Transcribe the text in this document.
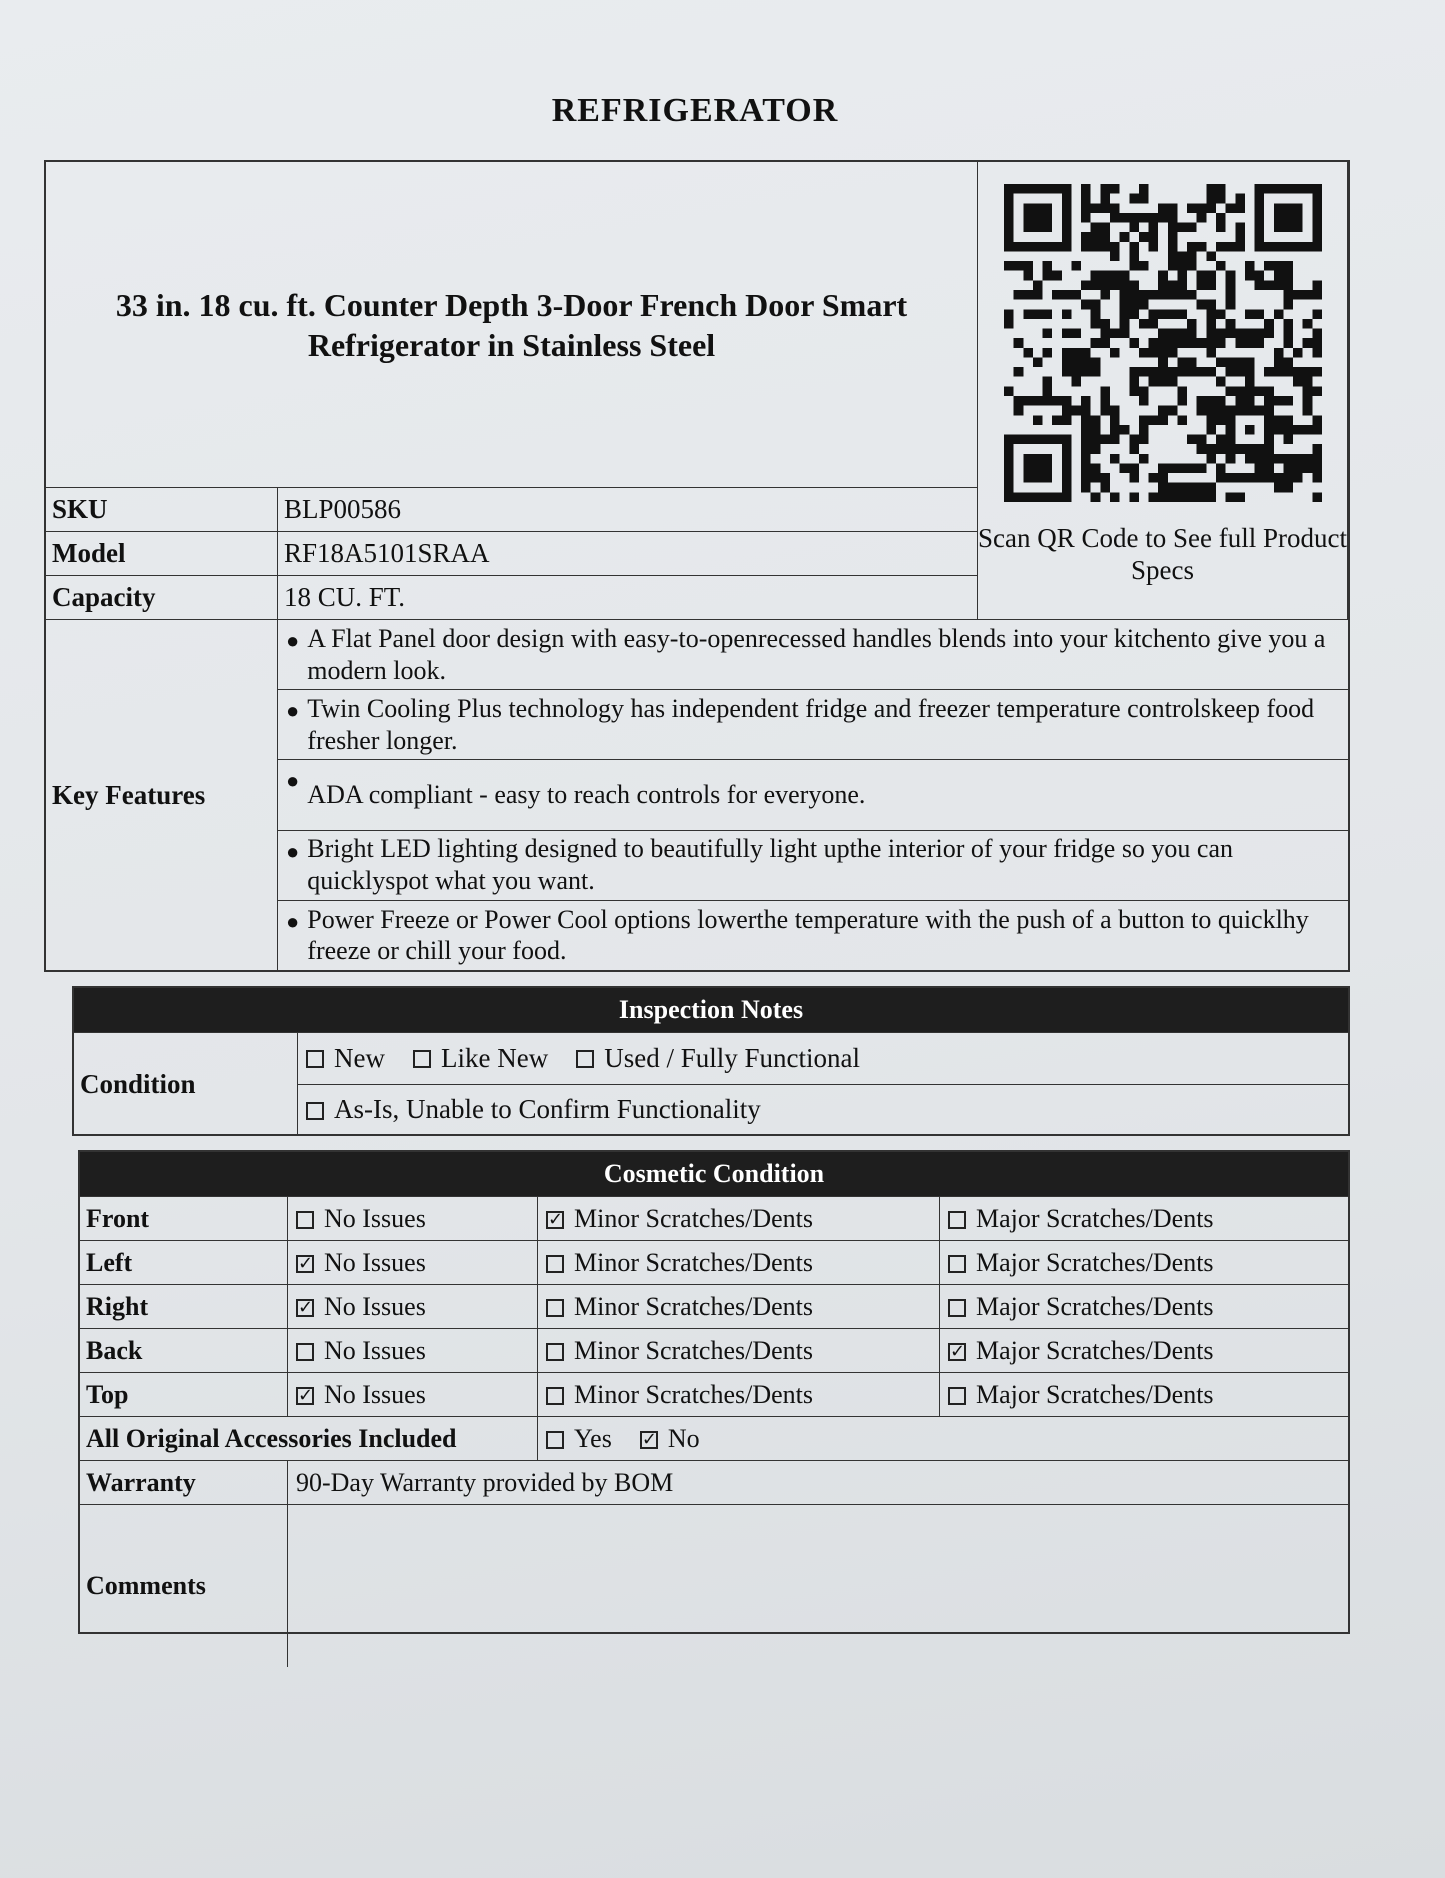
REFRIGERATOR
33 in. 18 cu. ft. Counter Depth 3-Door French Door Smart Refrigerator in Stainless Steel
Scan QR Code to See full Product Specs
SKU	BLP00586
Model	RF18A5101SRAA
Capacity	18 CU. FT.
Key Features
● A Flat Panel door design with easy-to-openrecessed handles blends into your kitchento give you a modern look.
● Twin Cooling Plus technology has independent fridge and freezer temperature controlskeep food fresher longer.
● ADA compliant - easy to reach controls for everyone.
● Bright LED lighting designed to beautifully light upthe interior of your fridge so you can quicklyspot what you want.
● Power Freeze or Power Cool options lowerthe temperature with the push of a button to quicklhy freeze or chill your food.
Inspection Notes
Condition
New Like New Used / Fully Functional
As-Is, Unable to Confirm Functionality
Cosmetic Condition
Front	No Issues	✓ Minor Scratches/Dents	Major Scratches/Dents
Left	✓ No Issues	Minor Scratches/Dents	Major Scratches/Dents
Right	✓ No Issues	Minor Scratches/Dents	Major Scratches/Dents
Back	No Issues	Minor Scratches/Dents	✓ Major Scratches/Dents
Top	✓ No Issues	Minor Scratches/Dents	Major Scratches/Dents
All Original Accessories Included	Yes ✓ No
Warranty	90-Day Warranty provided by BOM
Comments
